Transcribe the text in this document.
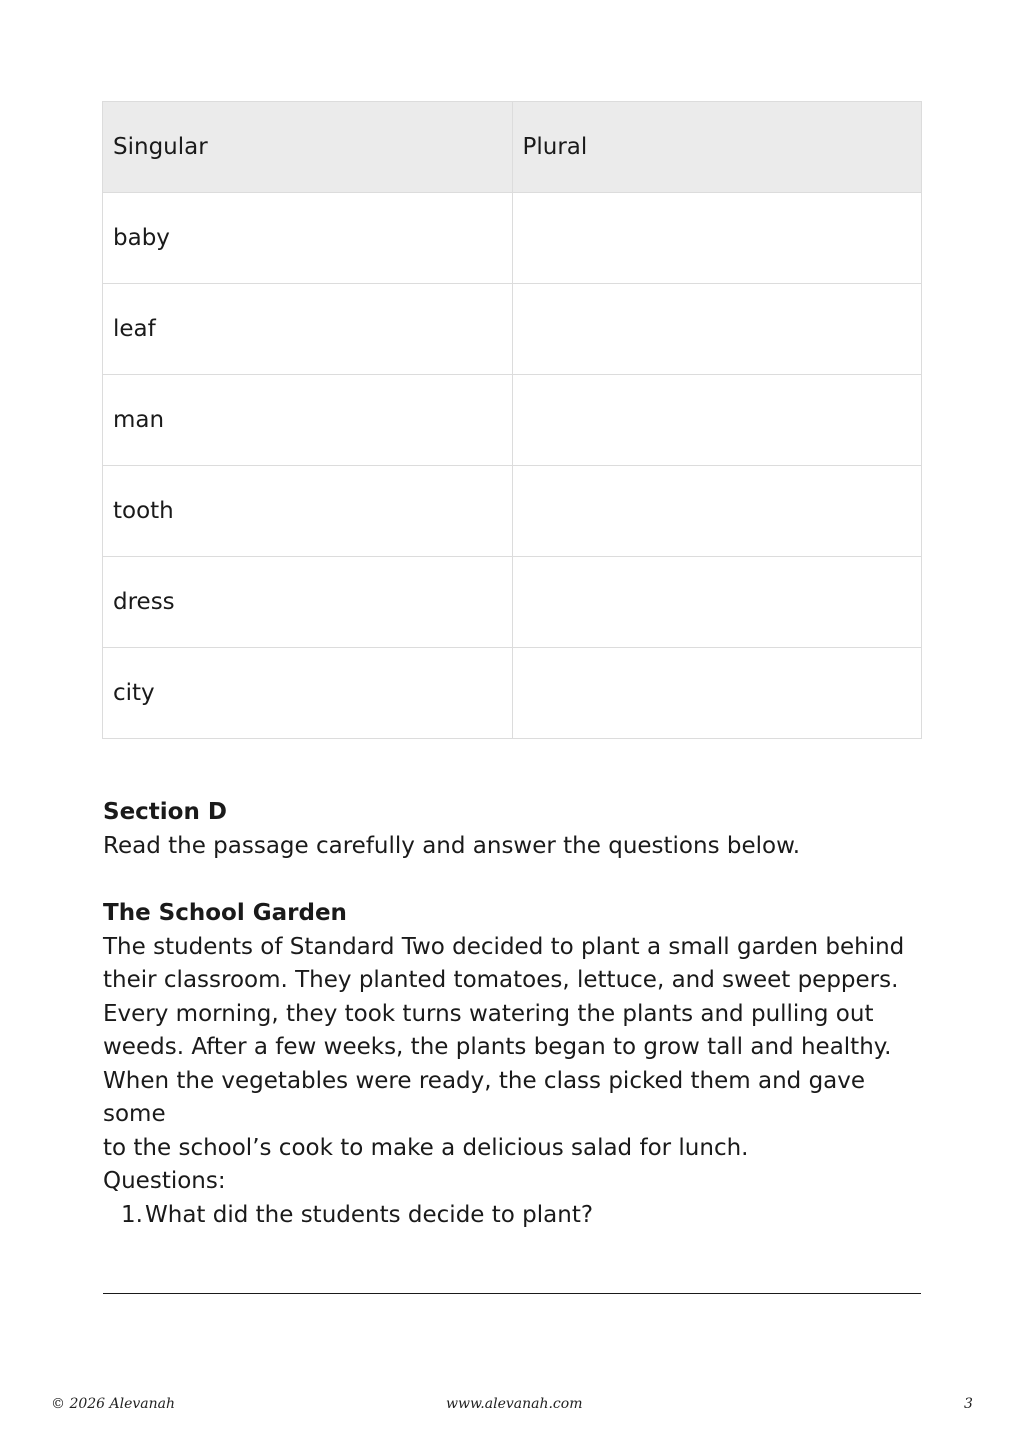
Singular	Plural
baby	
leaf	
man	
tooth	
dress	
city	
Section D
Read the passage carefully and answer the questions below.
The School Garden
The students of Standard Two decided to plant a small garden behind
their classroom. They planted tomatoes, lettuce, and sweet peppers.
Every morning, they took turns watering the plants and pulling out
weeds. After a few weeks, the plants began to grow tall and healthy.
When the vegetables were ready, the class picked them and gave some
to the school’s cook to make a delicious salad for lunch.
Questions:
1. What did the students decide to plant?
© 2026 Alevanah	www.alevanah.com	3
